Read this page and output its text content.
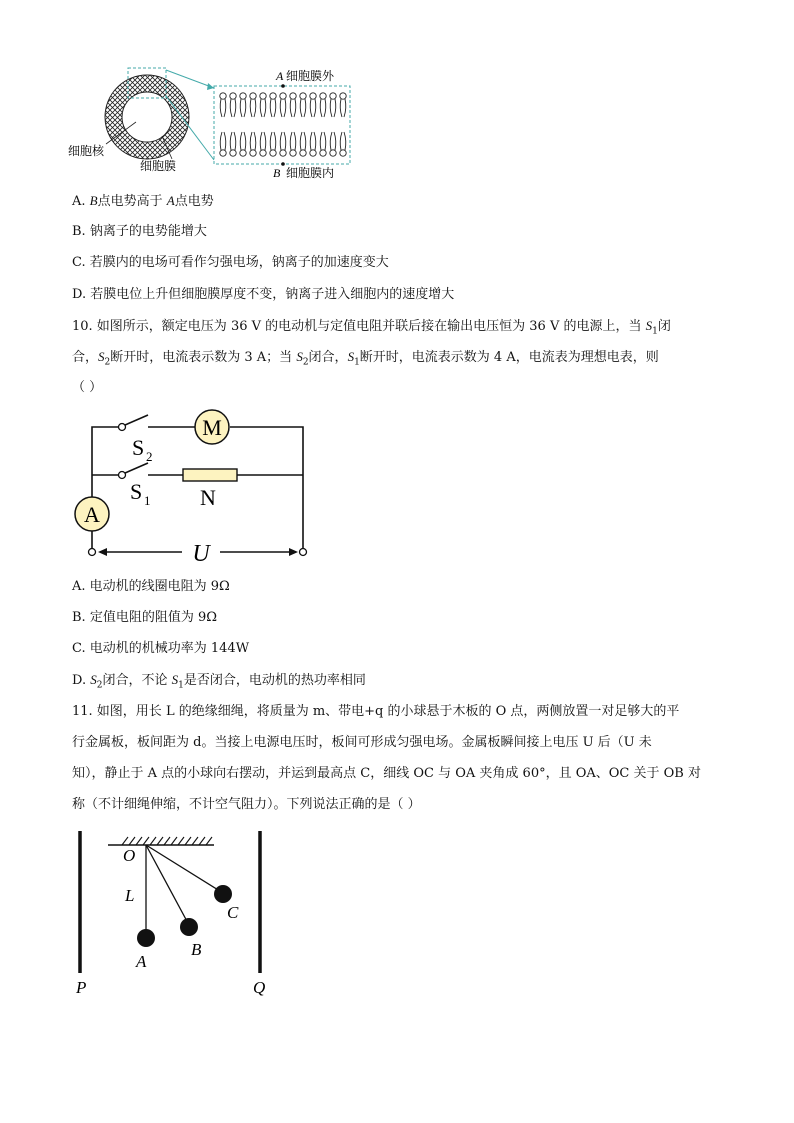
A 细胞膜外
B 细胞膜内
细胞核
细胞膜
A. B点电势高于 A点电势
B. 钠离子的电势能增大
C. 若膜内的电场可看作匀强电场，钠离子的加速度变大
D. 若膜电位上升但细胞膜厚度不变，钠离子进入细胞内的速度增大
10. 如图所示，额定电压为 36 V 的电动机与定值电阻并联后接在输出电压恒为 36 V 的电源上，当 $S_1$闭
合，$S_2$断开时，电流表示数为 3 A；当 $S_2$闭合，$S_1$断开时，电流表示数为 4 A，电流表为理想电表，则
（ ）
M
N
A
S 2
S 1
U
A. 电动机的线圈电阻为 9Ω
B. 定值电阻的阻值为 9Ω
C. 电动机的机械功率为 144W
D. $S_2$闭合，不论 $S_1$是否闭合，电动机的热功率相同
11. 如图，用长 L 的绝缘细绳，将质量为 m、带电+q 的小球悬于木板的 O 点，两侧放置一对足够大的平
行金属板，板间距为 d。当接上电源电压时，板间可形成匀强电场。金属板瞬间接上电压 U 后（U 未
知），静止于 A 点的小球向右摆动，并运到最高点 C，细线 OC 与 OA 夹角成 60°，且 OA、OC 关于 OB 对
称（不计细绳伸缩，不计空气阻力）。下列说法正确的是（ ）
O
L
A
B
C
P	Q
